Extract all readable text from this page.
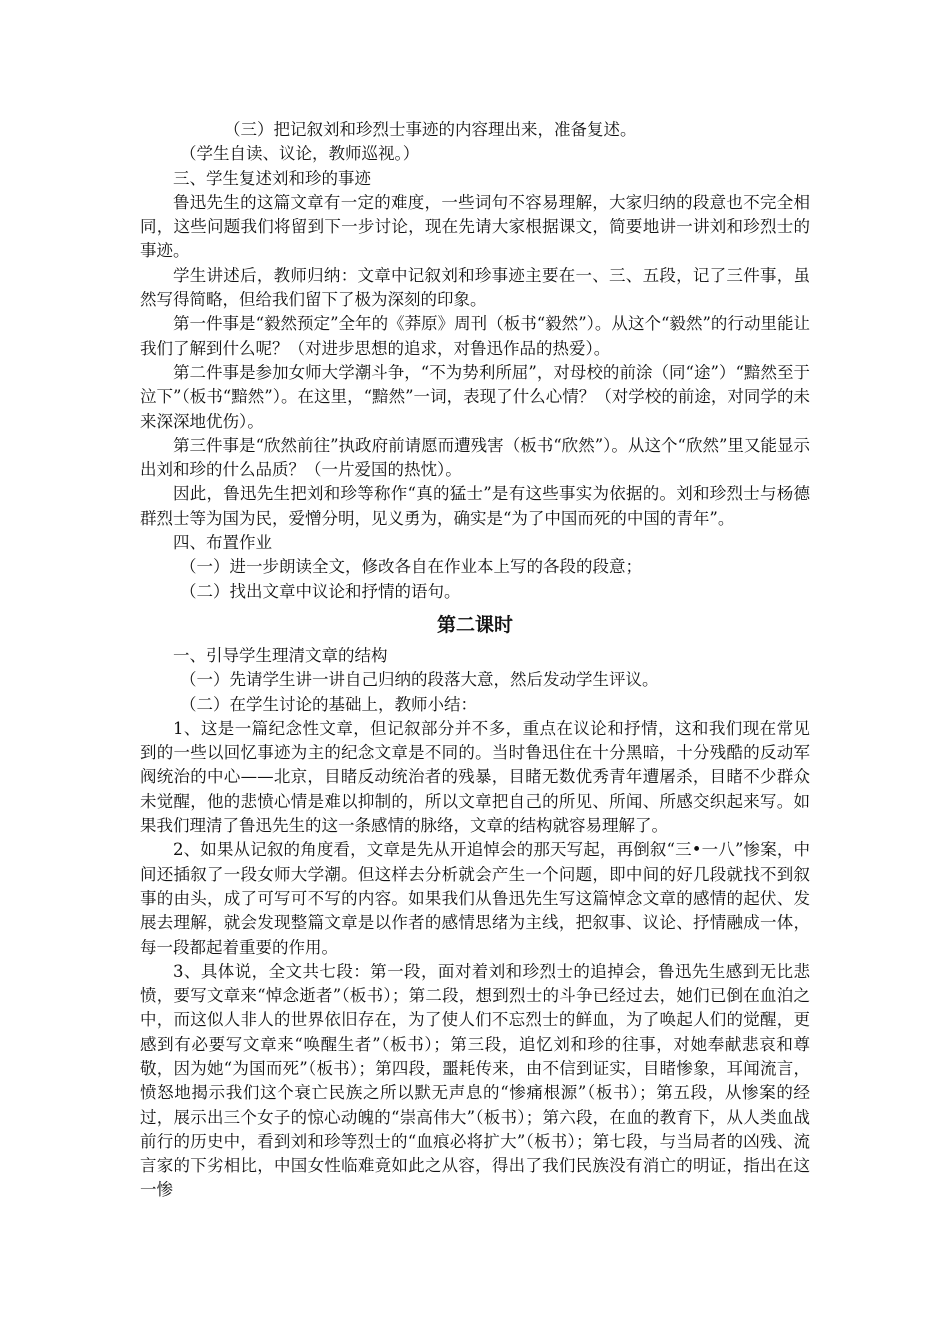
（三）把记叙刘和珍烈士事迹的内容理出来，准备复述。

（学生自读、议论，教师巡视。）

三、学生复述刘和珍的事迹

鲁迅先生的这篇文章有一定的难度，一些词句不容易理解，大家归纳的段意也不完全相同，这些问题我们将留到下一步讨论，现在先请大家根据课文，简要地讲一讲刘和珍烈士的事迹。

学生讲述后，教师归纳：文章中记叙刘和珍事迹主要在一、三、五段，记了三件事，虽然写得简略，但给我们留下了极为深刻的印象。

第一件事是“毅然预定”全年的《莽原》周刊（板书“毅然”）。从这个“毅然”的行动里能让我们了解到什么呢？（对进步思想的追求，对鲁迅作品的热爱）。

第二件事是参加女师大学潮斗争，“不为势利所屈”，对母校的前涂（同“途”）“黯然至于泣下”（板书“黯然”）。在这里，“黯然”一词，表现了什么心情？（对学校的前途，对同学的未来深深地优伤）。

第三件事是“欣然前往”执政府前请愿而遭残害（板书“欣然”）。从这个“欣然”里又能显示出刘和珍的什么品质？（一片爱国的热忱）。

因此，鲁迅先生把刘和珍等称作“真的猛士”是有这些事实为依据的。刘和珍烈士与杨德群烈士等为国为民，爱憎分明，见义勇为，确实是“为了中国而死的中国的青年”。

四、布置作业

（一）进一步朗读全文，修改各自在作业本上写的各段的段意；

（二）找出文章中议论和抒情的语句。

第二课时

一、引导学生理清文章的结构

（一）先请学生讲一讲自己归纳的段落大意，然后发动学生评议。

（二）在学生讨论的基础上，教师小结：

1、这是一篇纪念性文章，但记叙部分并不多，重点在议论和抒情，这和我们现在常见到的一些以回忆事迹为主的纪念文章是不同的。当时鲁迅住在十分黑暗，十分残酷的反动军阀统治的中心——北京，目睹反动统治者的残暴，目睹无数优秀青年遭屠杀，目睹不少群众未觉醒，他的悲愤心情是难以抑制的，所以文章把自己的所见、所闻、所感交织起来写。如果我们理清了鲁迅先生的这一条感情的脉络，文章的结构就容易理解了。

2、如果从记叙的角度看，文章是先从开追悼会的那天写起，再倒叙“三•一八”惨案，中间还插叙了一段女师大学潮。但这样去分析就会产生一个问题，即中间的好几段就找不到叙事的由头，成了可写可不写的内容。如果我们从鲁迅先生写这篇悼念文章的感情的起伏、发展去理解，就会发现整篇文章是以作者的感情思绪为主线，把叙事、议论、抒情融成一体，每一段都起着重要的作用。

3、具体说，全文共七段：第一段，面对着刘和珍烈士的追掉会，鲁迅先生感到无比悲愤，要写文章来“悼念逝者”（板书）；第二段，想到烈士的斗争已经过去，她们已倒在血泊之中，而这似人非人的世界依旧存在，为了使人们不忘烈士的鲜血，为了唤起人们的觉醒，更感到有必要写文章来“唤醒生者”（板书）；第三段，追忆刘和珍的往事，对她奉献悲哀和尊敬，因为她“为国而死”（板书）；第四段，噩耗传来，由不信到证实，目睹惨象，耳闻流言，愤怒地揭示我们这个衰亡民族之所以默无声息的“惨痛根源”（板书）；第五段，从惨案的经过，展示出三个女子的惊心动魄的“崇高伟大”（板书）；第六段，在血的教育下，从人类血战前行的历史中，看到刘和珍等烈士的“血痕必将扩大”（板书）；第七段，与当局者的凶残、流言家的下劣相比，中国女性临难竟如此之从容，得出了我们民族没有消亡的明证，指出在这一惨
